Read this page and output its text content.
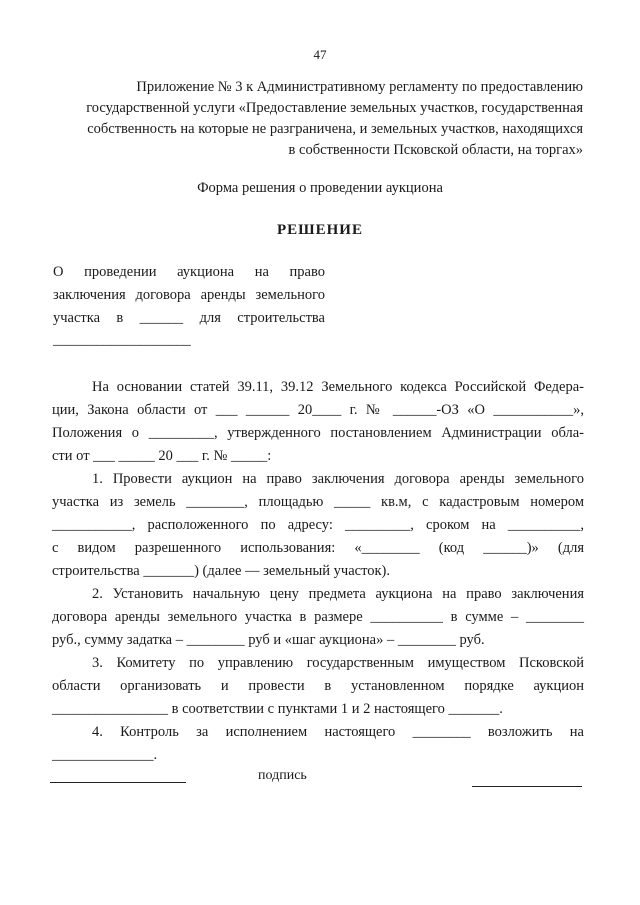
47
Приложение № 3 к Административному регламенту по предоставлению
государственной услуги «Предоставление земельных участков, государственная
собственность на которые не разграничена, и земельных участков, находящихся
в собственности Псковской области, на торгах»
Форма решения о проведении аукциона
РЕШЕНИЕ
О проведении аукциона на право
заключения договора аренды земельного
участка в ______ для строительства
___________________
На основании статей 39.11, 39.12 Земельного кодекса Российской Федера-
ции, Закона области от ___ ______ 20____ г. № ______-ОЗ «О ___________»,
Положения о _________, утвержденного постановлением Администрации обла-
сти от ___ _____ 20 ___ г. № _____:
1. Провести аукцион на право заключения договора аренды земельного
участка из земель ________, площадью _____ кв.м, с кадастровым номером
___________, расположенного по адресу: _________, сроком на __________,
с видом разрешенного использования: «________ (код ______)» (для
строительства _______) (далее — земельный участок).
2. Установить начальную цену предмета аукциона на право заключения
договора аренды земельного участка в размере __________ в сумме – ________
руб., сумму задатка – ________ руб и «шаг аукциона» – ________ руб.
3. Комитету по управлению государственным имуществом Псковской
области организовать и провести в установленном порядке аукцион
________________ в соответствии с пунктами 1 и 2 настоящего _______.
4. Контроль за исполнением настоящего ________ возложить на
______________.
подпись
